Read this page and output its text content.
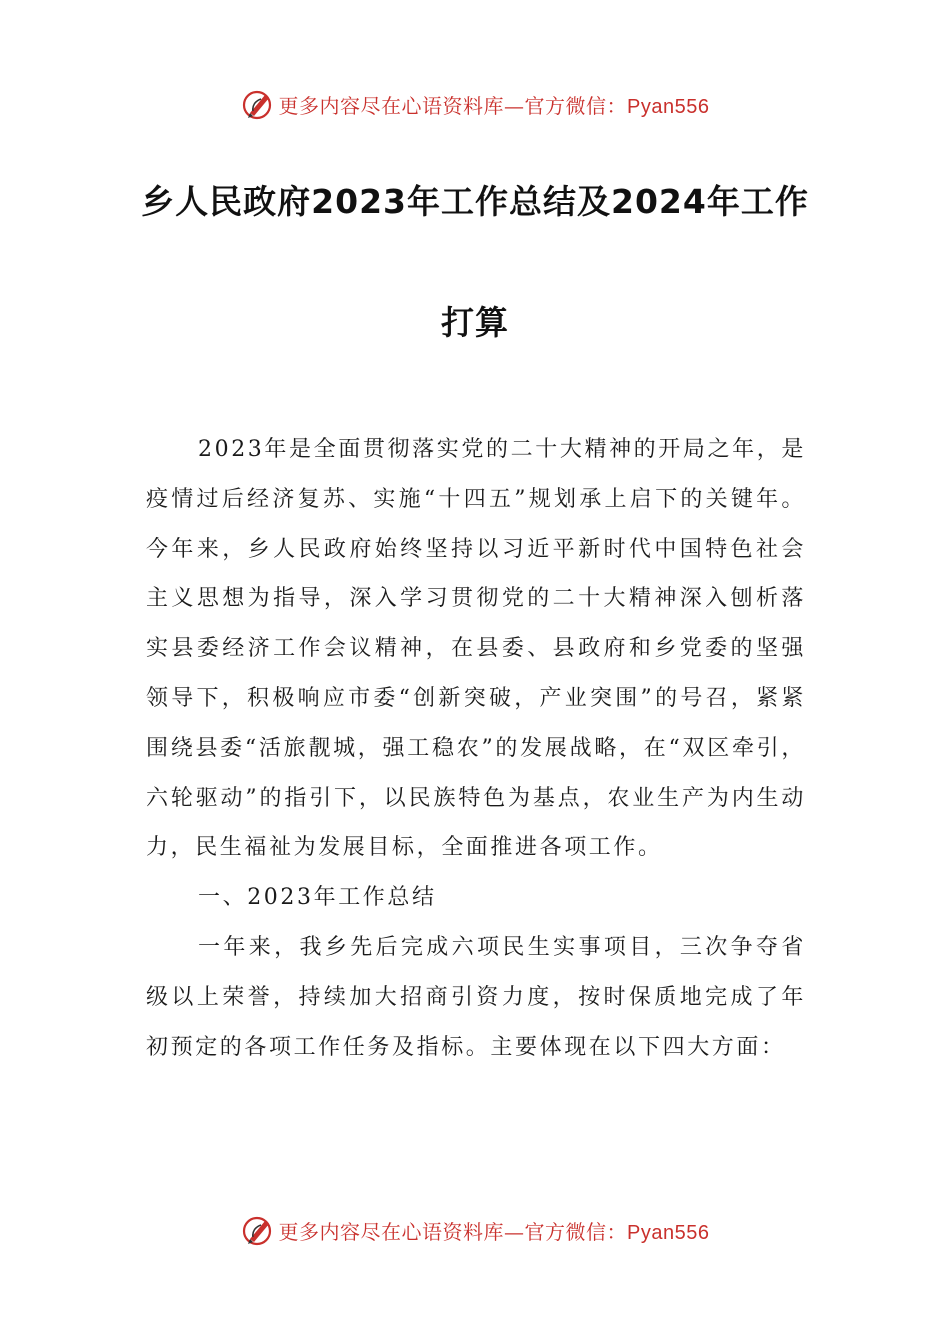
更多内容尽在心语资料库—官方微信：Pyan556
乡人民政府2023年工作总结及2024年工作
打算

2023年是全面贯彻落实党的二十大精神的开局之年，是疫情过后经济复苏、实施“十四五”规划承上启下的关键年。今年来，乡人民政府始终坚持以习近平新时代中国特色社会主义思想为指导，深入学习贯彻党的二十大精神深入刨析落实县委经济工作会议精神，在县委、县政府和乡党委的坚强领导下，积极响应市委“创新突破，产业突围”的号召，紧紧围绕县委“活旅靓城，强工稳农”的发展战略，在“双区牵引，六轮驱动”的指引下，以民族特色为基点，农业生产为内生动力，民生福祉为发展目标，全面推进各项工作。

一、2023年工作总结

一年来，我乡先后完成六项民生实事项目，三次争夺省级以上荣誉，持续加大招商引资力度，按时保质地完成了年初预定的各项工作任务及指标。主要体现在以下四大方面：

更多内容尽在心语资料库—官方微信：Pyan556
